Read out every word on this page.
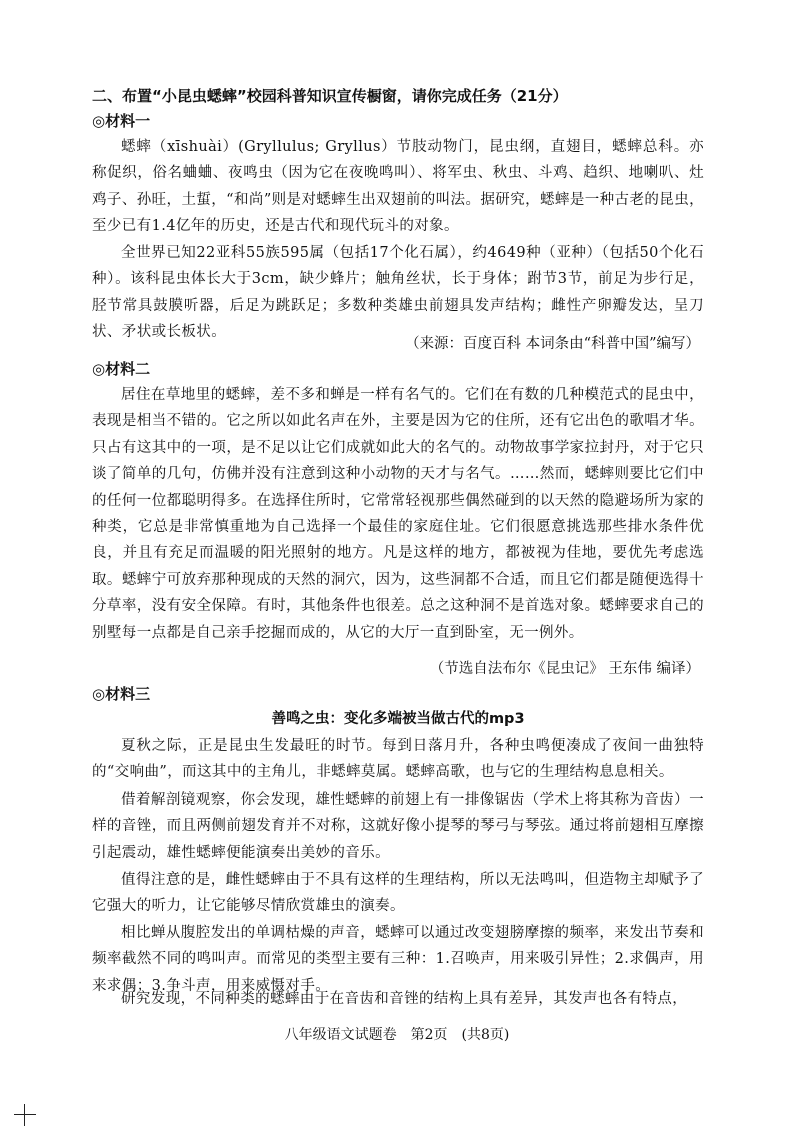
二、布置“小昆虫蟋蟀”校园科普知识宣传橱窗，请你完成任务（21分）
◎材料一

蟋蟀（xīshuài）(Gryllulus; Gryllus）节肢动物门，昆虫纲，直翅目，蟋蟀总科。亦称促织，俗名蛐蛐、夜鸣虫（因为它在夜晚鸣叫）、将军虫、秋虫、斗鸡、趋织、地喇叭、灶鸡子、孙旺，土蜇，“和尚”则是对蟋蟀生出双翅前的叫法。据研究，蟋蟀是一种古老的昆虫，至少已有1.4亿年的历史，还是古代和现代玩斗的对象。

全世界已知22亚科55族595属（包括17个化石属），约4649种（亚种）（包括50个化石种）。该科昆虫体长大于3cm，缺少蜂片；触角丝状，长于身体；跗节3节，前足为步行足，胫节常具鼓膜听器，后足为跳跃足；多数种类雄虫前翅具发声结构；雌性产卵瓣发达，呈刀状、矛状或长板状。

（来源：百度百科 本词条由“科普中国”编写）
◎材料二

居住在草地里的蟋蟀，差不多和蝉是一样有名气的。它们在有数的几种模范式的昆虫中，表现是相当不错的。它之所以如此名声在外，主要是因为它的住所，还有它出色的歌唱才华。只占有这其中的一项，是不足以让它们成就如此大的名气的。动物故事学家拉封丹，对于它只谈了简单的几句，仿佛并没有注意到这种小动物的天才与名气。……然而，蟋蟀则要比它们中的任何一位都聪明得多。在选择住所时，它常常轻视那些偶然碰到的以天然的隐避场所为家的种类，它总是非常慎重地为自己选择一个最佳的家庭住址。它们很愿意挑选那些排水条件优良，并且有充足而温暖的阳光照射的地方。凡是这样的地方，都被视为佳地，要优先考虑选取。蟋蟀宁可放弃那种现成的天然的洞穴，因为，这些洞都不合适，而且它们都是随便选得十分草率，没有安全保障。有时，其他条件也很差。总之这种洞不是首选对象。蟋蟀要求自己的别墅每一点都是自己亲手挖掘而成的，从它的大厅一直到卧室，无一例外。

（节选自法布尔《昆虫记》 王东伟 编译）
◎材料三
善鸣之虫：变化多端被当做古代的mp3

夏秋之际，正是昆虫生发最旺的时节。每到日落月升，各种虫鸣便凑成了夜间一曲独特的“交响曲”，而这其中的主角儿，非蟋蟀莫属。蟋蟀高歌，也与它的生理结构息息相关。

借着解剖镜观察，你会发现，雄性蟋蟀的前翅上有一排像锯齿（学术上将其称为音齿）一样的音锉，而且两侧前翅发育并不对称，这就好像小提琴的琴弓与琴弦。通过将前翅相互摩擦引起震动，雄性蟋蟀便能演奏出美妙的音乐。

值得注意的是，雌性蟋蟀由于不具有这样的生理结构，所以无法鸣叫，但造物主却赋予了它强大的听力，让它能够尽情欣赏雄虫的演奏。

相比蝉从腹腔发出的单调枯燥的声音，蟋蟀可以通过改变翅膀摩擦的频率，来发出节奏和频率截然不同的鸣叫声。而常见的类型主要有三种：1.召唤声，用来吸引异性；2.求偶声，用来求偶；3.争斗声，用来威慑对手。

研究发现，不同种类的蟋蟀由于在音齿和音锉的结构上具有差异，其发声也各有特点，

八年级语文试题卷　第2页　(共8页)
